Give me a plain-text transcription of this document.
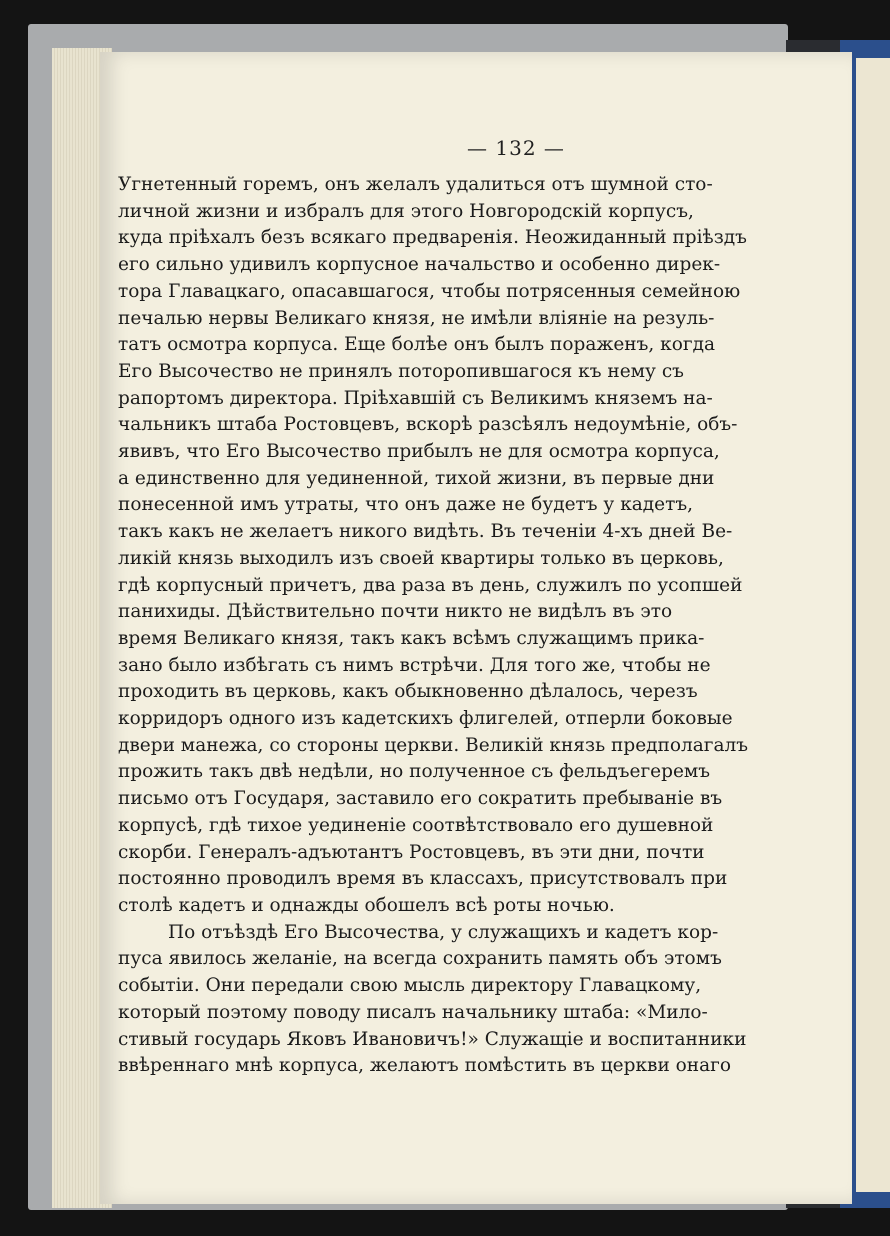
— 132 —
Угнетенный горемъ, онъ желалъ удалиться отъ шумной сто-
личной жизни и избралъ для этого Новгородскій корпусъ,
куда пріѣхалъ безъ всякаго предваренія. Неожиданный пріѣздъ
его сильно удивилъ корпусное начальство и особенно дирек-
тора Главацкаго, опасавшагося, чтобы потрясенныя семейною
печалью нервы Великаго князя, не имѣли вліяніе на резуль-
татъ осмотра корпуса. Еще болѣе онъ былъ пораженъ, когда
Его Высочество не принялъ поторопившагося къ нему съ
рапортомъ директора. Пріѣхавшій съ Великимъ княземъ на-
чальникъ штаба Ростовцевъ, вскорѣ разсѣялъ недоумѣніе, объ-
явивъ, что Его Высочество прибылъ не для осмотра корпуса,
а единственно для уединенной, тихой жизни, въ первые дни
понесенной имъ утраты, что онъ даже не будетъ у кадетъ,
такъ какъ не желаетъ никого видѣть. Въ теченіи 4-хъ дней Ве-
ликій князь выходилъ изъ своей квартиры только въ церковь,
гдѣ корпусный причетъ, два раза въ день, служилъ по усопшей
панихиды. Дѣйствительно почти никто не видѣлъ въ это
время Великаго князя, такъ какъ всѣмъ служащимъ прика-
зано было избѣгать съ нимъ встрѣчи. Для того же, чтобы не
проходить въ церковь, какъ обыкновенно дѣлалось, черезъ
корридоръ одного изъ кадетскихъ флигелей, отперли боковые
двери манежа, со стороны церкви. Великій князь предполагалъ
прожить такъ двѣ недѣли, но полученное съ фельдъегеремъ
письмо отъ Государя, заставило его сократить пребываніе въ
корпусѣ, гдѣ тихое уединеніе соотвѣтствовало его душевной
скорби. Генералъ-адъютантъ Ростовцевъ, въ эти дни, почти
постоянно проводилъ время въ классахъ, присутствовалъ при
столѣ кадетъ и однажды обошелъ всѣ роты ночью.
По отъѣздѣ Его Высочества, у служащихъ и кадетъ кор-
пуса явилось желаніе, на всегда сохранить память объ этомъ
событіи. Они передали свою мысль директору Главацкому,
который поэтому поводу писалъ начальнику штаба: «Мило-
стивый государь Яковъ Ивановичъ!» Служащіе и воспитанники
ввѣреннаго мнѣ корпуса, желаютъ помѣстить въ церкви онаго
